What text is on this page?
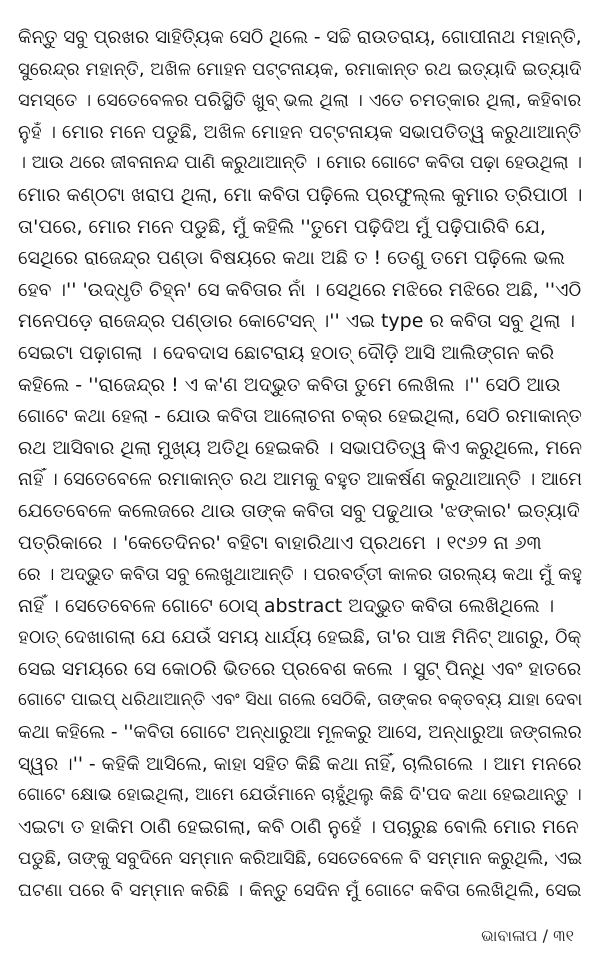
କିନ୍ତୁ ସବୁ ପ୍ରଖର ସାହିତ୍ୟିକ ସେଠି ଥିଲେ - ସଚ୍ଚି ରାଉତରାୟ, ଗୋପୀନାଥ ମହାନ୍ତି,
ସୁରେନ୍ଦ୍ର ମହାନ୍ତି, ଅଖିଳ ମୋହନ ପଟ୍ଟନାୟକ, ରମାକାନ୍ତ ରଥ ଇତ୍ୟାଦି ଇତ୍ୟାଦି
ସମସ୍ତେ । ସେତେବେଳର ପରିସ୍ଥିତି ଖୁବ୍ ଭଲ ଥିଲା । ଏତେ ଚମତ୍କାର ଥିଲା, କହିବାର
ନୁହଁ । ମୋର ମନେ ପଡୁଛି, ଅଖିଳ ମୋହନ ପଟ୍ଟନାୟକ ସଭାପତିତ୍ୱ କରୁଥାଆନ୍ତି
। ଆଉ ଥରେ ଜୀବନାନନ୍ଦ ପାଣି କରୁଥାଆନ୍ତି । ମୋର ଗୋଟେ କବିତା ପଢ଼ା ହେଉଥିଲା ।
ମୋର କଣ୍ଠଟା ଖରାପ ଥିଲା, ମୋ କବିତା ପଢ଼ିଲେ ପ୍ରଫୁଲ୍ଲ କୁମାର ତ୍ରିପାଠୀ ।
ତା'ପରେ, ମୋର ମନେ ପଡୁଛି, ମୁଁ କହିଲି ''ତୁମେ ପଢ଼ିଦିଅ ମୁଁ ପଢ଼ିପାରିବି ଯେ,
ସେଥିରେ ରାଜେନ୍ଦ୍ର ପଣ୍ଡା ବିଷୟରେ କଥା ଅଛି ତ ! ତେଣୁ ତମେ ପଢ଼ିଲେ ଭଲ
ହେବ ।'' 'ଉଦ୍ଧୃତି ଚିହ୍ନ' ସେ କବିତାର ନାଁ । ସେଥିରେ ମଝିରେ ମଝିରେ ଅଛି, ''ଏଠି
ମନେପଡ଼େ ରାଜେନ୍ଦ୍ର ପଣ୍ଡାର କୋଟେସନ୍ ।'' ଏଇ type ର କବିତା ସବୁ ଥିଲା ।
ସେଇଟା ପଢ଼ାଗଲା । ଦେବଦାସ ଛୋଟରାୟ ହଠାତ୍ ଦୌଡ଼ି ଆସି ଆଲିଙ୍ଗନ କରି
କହିଲେ - ''ରାଜେନ୍ଦ୍ର ! ଏ କ'ଣ ଅଦ୍ଭୁତ କବିତା ତୁମେ ଲେଖିଲ ।'' ସେଠି ଆଉ
ଗୋଟେ କଥା ହେଲା - ଯୋଉ କବିତା ଆଲୋଚନା ଚକ୍ର ହେଇଥିଲା, ସେଠି ରମାକାନ୍ତ
ରଥ ଆସିବାର ଥିଲା ମୁଖ୍ୟ ଅତିଥି ହେଇକରି । ସଭାପତିତ୍ୱ କିଏ କରୁଥିଲେ, ମନେ
ନାହିଁ । ସେତେବେଳେ ରମାକାନ୍ତ ରଥ ଆମକୁ ବହୁତ ଆକର୍ଷଣ କରୁଥାଆନ୍ତି । ଆମେ
ଯେତେବେଳେ କଲେଜରେ ଥାଉ ତାଙ୍କ କବିତା ସବୁ ପଢୁଥାଉ 'ଝଙ୍କାର' ଇତ୍ୟାଦି
ପତ୍ରିକାରେ । 'କେତେଦିନର' ବହିଟା ବାହାରିଥାଏ ପ୍ରଥମେ । ୧୯୬୨ ନା ୬୩
ରେ । ଅଦ୍ଭୁତ କବିତା ସବୁ ଲେଖୁଥାଆନ୍ତି । ପରବର୍ତ୍ତୀ କାଳର ତାରଲ୍ୟ କଥା ମୁଁ କହୁ
ନାହିଁ । ସେତେବେଳେ ଗୋଟେ ଠୋସ୍ abstract ଅଦ୍ଭୁତ କବିତା ଲେଖିଥିଲେ ।
ହଠାତ୍ ଦେଖାଗଲା ଯେ ଯେଉଁ ସମୟ ଧାର୍ଯ୍ୟ ହେଇଛି, ତା'ର ପାଞ୍ଚ ମିନିଟ୍ ଆଗରୁ, ଠିକ୍
ସେଇ ସମୟରେ ସେ କୋଠରି ଭିତରେ ପ୍ରବେଶ କଲେ । ସୁଟ୍ ପିନ୍ଧି ଏବଂ ହାତରେ
ଗୋଟେ ପାଇପ୍ ଧରିଥାଆନ୍ତି ଏବଂ ସିଧା ଗଲେ ସେଠିକି, ତାଙ୍କର ବକ୍ତବ୍ୟ ଯାହା ଦେବା
କଥା କହିଲେ - ''କବିତା ଗୋଟେ ଅନ୍ଧାରୁଆ ମୂଳକରୁ ଆସେ, ଅନ୍ଧାରୁଆ ଜଙ୍ଗଲର
ସ୍ୱର ।'' - କହିକି ଆସିଲେ, କାହା ସହିତ କିଛି କଥା ନାହିଁ, ଚାଲିଗଲେ । ଆମ ମନରେ
ଗୋଟେ କ୍ଷୋଭ ହୋଇଥିଲା, ଆମେ ଯେଉଁମାନେ ଚାହୁଁଥିଲୁ କିଛି ଦି'ପଦ କଥା ହେଇଥାନ୍ତୁ ।
ଏଇଟା ତ ହାକିମ ଠାଣି ହେଇଗଲା, କବି ଠାଣି ନୁହେଁ । ପଚାରୁଛ ବୋଲି ମୋର ମନେ
ପଡୁଛି, ତାଙ୍କୁ ସବୁଦିନେ ସମ୍ମାନ କରିଆସିଛି, ସେତେବେଳେ ବି ସମ୍ମାନ କରୁଥିଲି, ଏଇ
ଘଟଣା ପରେ ବି ସମ୍ମାନ କରିଛି । କିନ୍ତୁ ସେଦିନ ମୁଁ ଗୋଟେ କବିତା ଲେଖିଥିଲି, ସେଇ
ଭାବାଳାପ / ୩୧
